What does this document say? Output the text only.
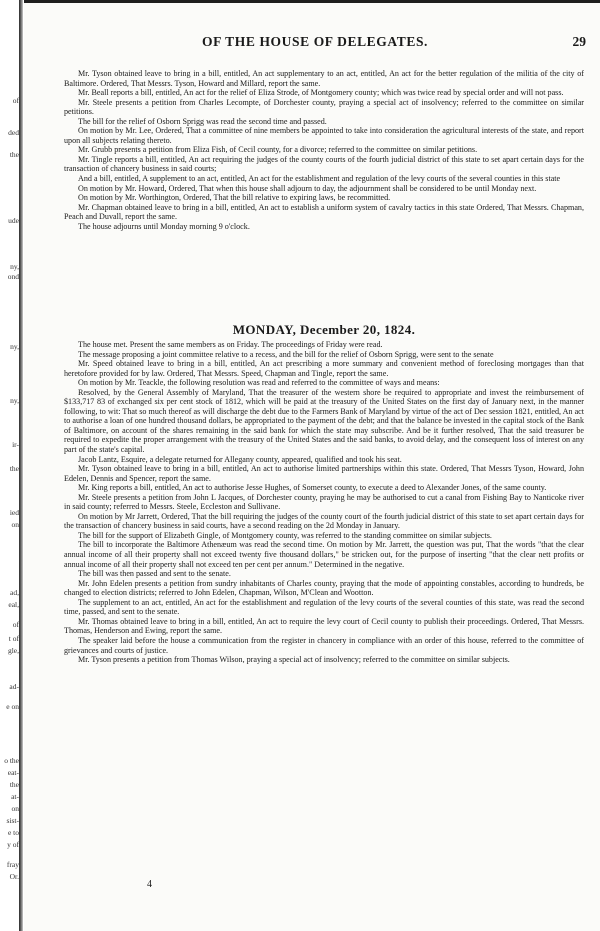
of
ded
the
ude
ny,
ond
ny,
ny,
ir-
the
ied
on
ad,
eal,
of
t of
gle,
ad-
e on
o the
eat-
the
at-
on
sist-
e to
y of
fray
Or.
OF THE HOUSE OF DELEGATES.	29

Mr. Tyson obtained leave to bring in a bill, entitled, An act supplementary to an act, entitled, An act for the better regulation of the militia of the city of Baltimore. Ordered, That Messrs. Tyson, Howard and Millard, report the same.

Mr. Beall reports a bill, entitled, An act for the relief of Eliza Strode, of Montgomery county; which was twice read by special order and will not pass.

Mr. Steele presents a petition from Charles Lecompte, of Dorchester county, praying a special act of insolvency; referred to the committee on similar petitions.

The bill for the relief of Osborn Sprigg was read the second time and passed.

On motion by Mr. Lee, Ordered, That a committee of nine members be appointed to take into consideration the agricultural interests of the state, and report upon all subjects relating thereto.

Mr. Grubb presents a petition from Eliza Fish, of Cecil county, for a divorce; referred to the committee on similar petitions.

Mr. Tingle reports a bill, entitled, An act requiring the judges of the county courts of the fourth judicial district of this state to set apart certain days for the transaction of chancery business in said courts;

And a bill, entitled, A supplement to an act, entitled, An act for the establishment and regulation of the levy courts of the several counties in this state

On motion by Mr. Howard, Ordered, That when this house shall adjourn to day, the adjournment shall be considered to be until Monday next.

On motion by Mr. Worthington, Ordered, That the bill relative to expiring laws, be recommitted.

Mr. Chapman obtained leave to bring in a bill, entitled, An act to establish a uniform system of cavalry tactics in this state Ordered, That Messrs. Chapman, Peach and Duvall, report the same.

The house adjourns until Monday morning 9 o'clock.

MONDAY, December 20, 1824.

The house met. Present the same members as on Friday. The proceedings of Friday were read.

The message proposing a joint committee relative to a recess, and the bill for the relief of Osborn Sprigg, were sent to the senate

Mr. Speed obtained leave to bring in a bill, entitled, An act prescribing a more summary and convenient method of foreclosing mortgages than that heretofore provided for by law. Ordered, That Messrs. Speed, Chapman and Tingle, report the same.

On motion by Mr. Teackle, the following resolution was read and referred to the committee of ways and means:

Resolved, by the General Assembly of Maryland, That the treasurer of the western shore be required to appropriate and invest the reimbursement of $133,717 83 of exchanged six per cent stock of 1812, which will be paid at the treasury of the United States on the first day of January next, in the manner following, to wit: That so much thereof as will discharge the debt due to the Farmers Bank of Maryland by virtue of the act of Dec session 1821, entitled, An act to authorise a loan of one hundred thousand dollars, be appropriated to the payment of the debt; and that the balance be invested in the capital stock of the Bank of Baltimore, on account of the shares remaining in the said bank for which the state may subscribe. And be it further resolved, That the said treasurer be required to expedite the proper arrangement with the treasury of the United States and the said banks, to avoid delay, and the consequent loss of interest on any part of the state's capital.

Jacob Lantz, Esquire, a delegate returned for Allegany county, appeared, qualified and took his seat.

Mr. Tyson obtained leave to bring in a bill, entitled, An act to authorise limited partnerships within this state. Ordered, That Messrs Tyson, Howard, John Edelen, Dennis and Spencer, report the same.

Mr. King reports a bill, entitled, An act to authorise Jesse Hughes, of Somerset county, to execute a deed to Alexander Jones, of the same county.

Mr. Steele presents a petition from John L Jacques, of Dorchester county, praying he may be authorised to cut a canal from Fishing Bay to Nanticoke river in said county; referred to Messrs. Steele, Eccleston and Sullivane.

On motion by Mr Jarrett, Ordered, That the bill requiring the judges of the county court of the fourth judicial district of this state to set apart certain days for the transaction of chancery business in said courts, have a second reading on the 2d Monday in January.

The bill for the support of Elizabeth Gingle, of Montgomery county, was referred to the standing committee on similar subjects.

The bill to incorporate the Baltimore Athenæum was read the second time. On motion by Mr. Jarrett, the question was put, That the words "that the clear annual income of all their property shall not exceed twenty five thousand dollars," be stricken out, for the purpose of inserting "that the clear nett profits or annual income of all their property shall not exceed ten per cent per annum." Determined in the negative.

The bill was then passed and sent to the senate.

Mr. John Edelen presents a petition from sundry inhabitants of Charles county, praying that the mode of appointing constables, according to hundreds, be changed to election districts; referred to John Edelen, Chapman, Wilson, M'Clean and Wootton.

The supplement to an act, entitled, An act for the establishment and regulation of the levy courts of the several counties of this state, was read the second time, passed, and sent to the senate.

Mr. Thomas obtained leave to bring in a bill, entitled, An act to require the levy court of Cecil county to publish their proceedings. Ordered, That Messrs. Thomas, Henderson and Ewing, report the same.

The speaker laid before the house a communication from the register in chancery in compliance with an order of this house, referred to the committee of grievances and courts of justice.

Mr. Tyson presents a petition from Thomas Wilson, praying a special act of insolvency; referred to the committee on similar subjects.

4
